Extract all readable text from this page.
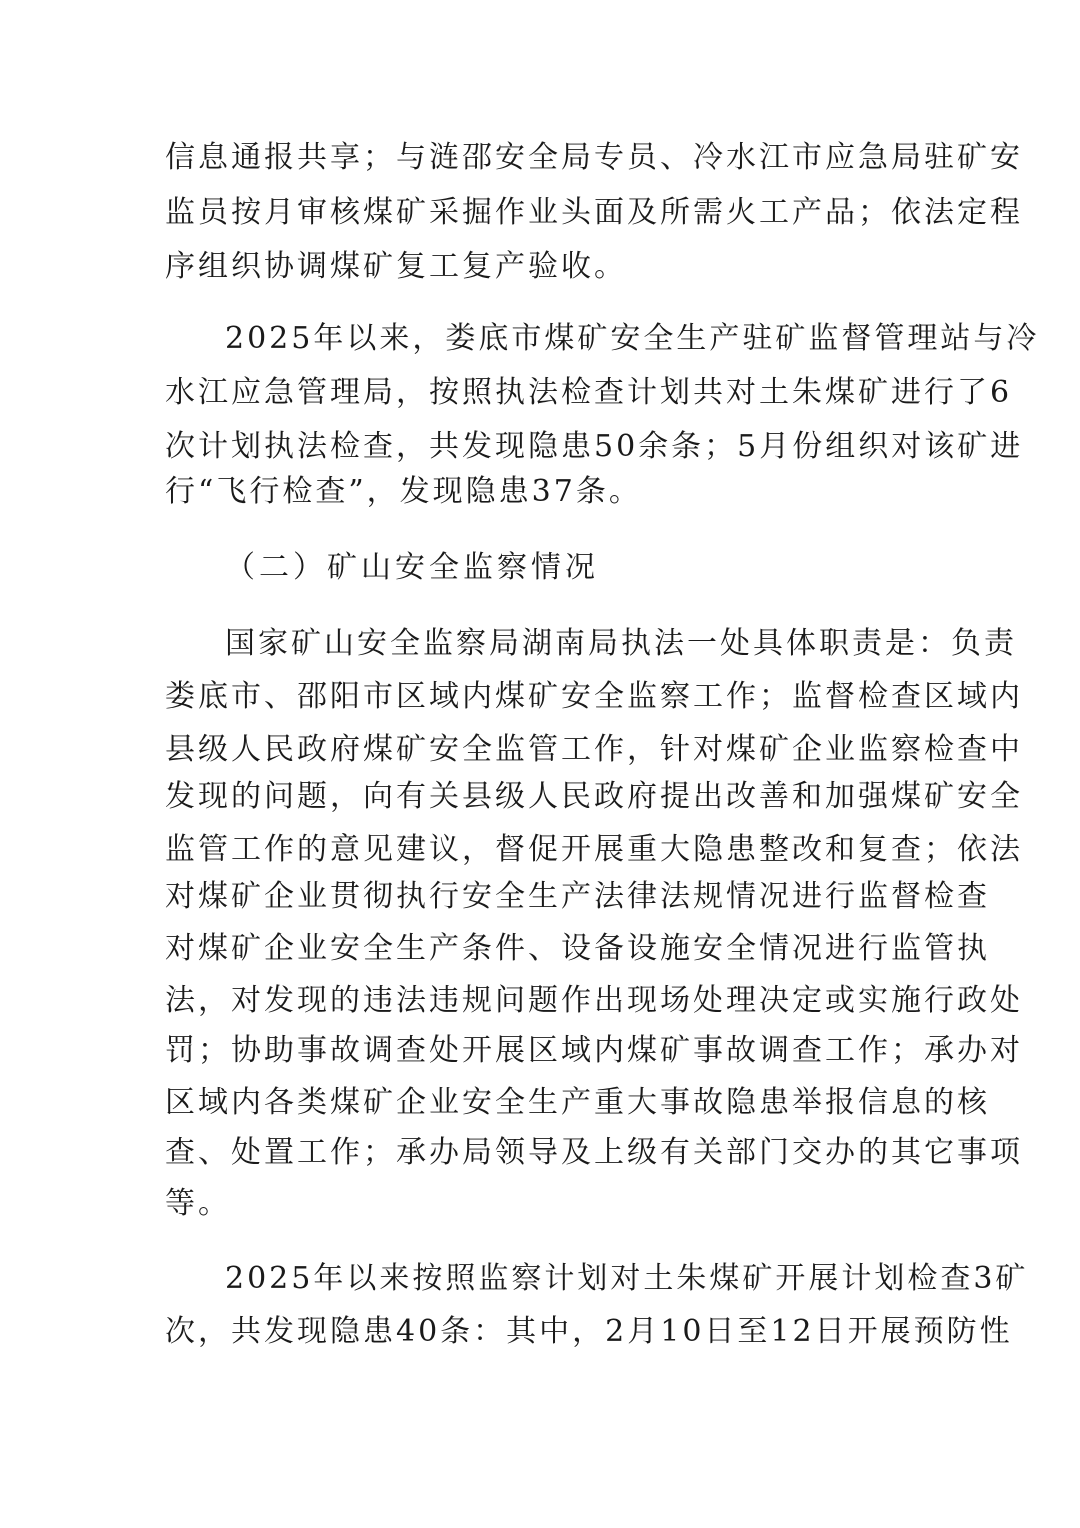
信息通报共享；与涟邵安全局专员、冷水江市应急局驻矿安

监员按月审核煤矿采掘作业头面及所需火工产品；依法定程

序组织协调煤矿复工复产验收。

2025年以来，娄底市煤矿安全生产驻矿监督管理站与冷

水江应急管理局，按照执法检查计划共对土朱煤矿进行了6

次计划执法检查，共发现隐患50余条；5月份组织对该矿进

行“飞行检查”，发现隐患37条。

（二）矿山安全监察情况

国家矿山安全监察局湖南局执法一处具体职责是：负责

娄底市、邵阳市区域内煤矿安全监察工作；监督检查区域内

县级人民政府煤矿安全监管工作，针对煤矿企业监察检查中

发现的问题，向有关县级人民政府提出改善和加强煤矿安全

监管工作的意见建议，督促开展重大隐患整改和复查；依法

对煤矿企业贯彻执行安全生产法律法规情况进行监督检查

对煤矿企业安全生产条件、设备设施安全情况进行监管执

法，对发现的违法违规问题作出现场处理决定或实施行政处

罚；协助事故调查处开展区域内煤矿事故调查工作；承办对

区域内各类煤矿企业安全生产重大事故隐患举报信息的核

查、处置工作；承办局领导及上级有关部门交办的其它事项

等。

2025年以来按照监察计划对土朱煤矿开展计划检查3矿

次，共发现隐患40条：其中，2月10日至12日开展预防性
